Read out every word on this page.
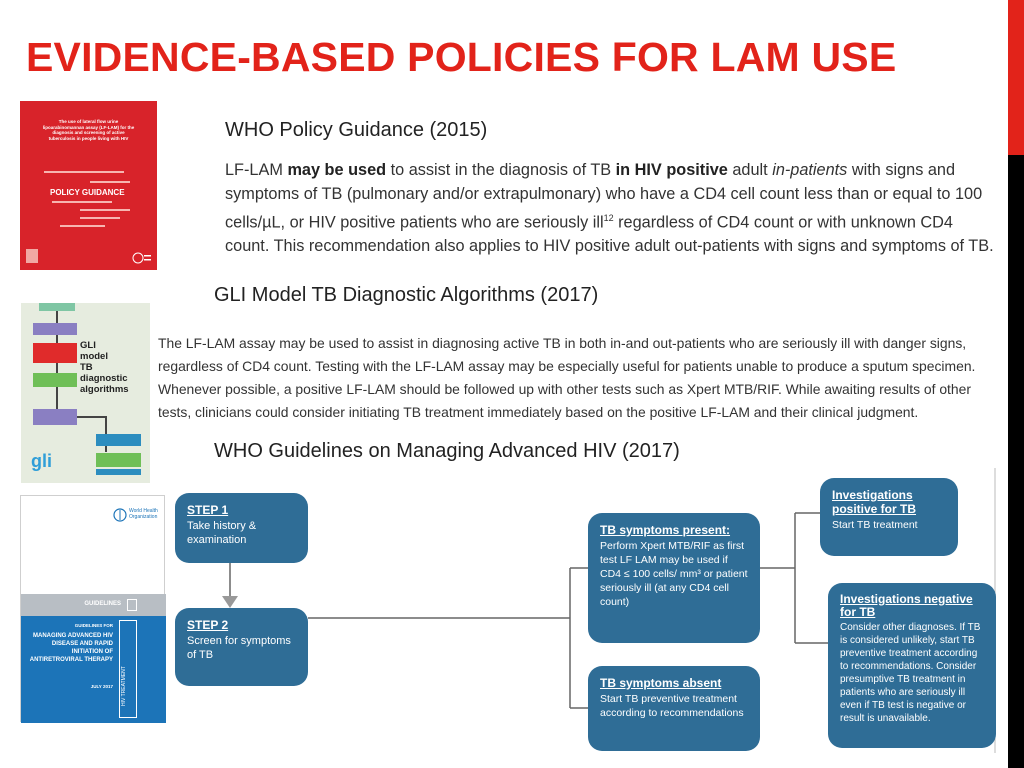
EVIDENCE-BASED POLICIES FOR LAM USE
The use of lateral flow urine lipoarabinomannan assay (LF-LAM) for the diagnosis and screening of active tuberculosis in people living with HIV
POLICY GUIDANCE
WHO Policy Guidance (2015)
LF-LAM may be used to assist in the diagnosis of TB in HIV positive adult in-patients with signs and symptoms of TB (pulmonary and/or extrapulmonary) who have a CD4 cell count less than or equal to 100 cells/µL, or HIV positive patients who are seriously ill$^{12}$ regardless of CD4 count or with unknown CD4 count. This recommendation also applies to HIV positive adult out-patients with signs and symptoms of TB.
GLI
model
TB
diagnostic
algorithms
gli
GLI Model TB Diagnostic Algorithms (2017)
The LF-LAM assay may be used to assist in diagnosing active TB in both in-and out-patients who are seriously ill with danger signs, regardless of CD4 count. Testing with the LF-LAM assay may be especially useful for patients unable to produce a sputum specimen. Whenever possible, a positive LF-LAM should be followed up with other tests such as Xpert MTB/RIF. While awaiting results of other tests, clinicians could consider initiating TB treatment immediately based on the positive LF-LAM and their clinical judgment.
WHO Guidelines on Managing Advanced HIV (2017)
World Health Organization
GUIDELINES
GUIDELINES FOR
MANAGING ADVANCED HIV DISEASE AND RAPID INITIATION OF ANTIRETROVIRAL THERAPY
JULY 2017
STEP 1
Take history & examination
STEP 2
Screen for symptoms of TB
TB symptoms present:
Perform Xpert MTB/RIF as first test LF LAM may be used if CD4 ≤ 100 cells/ mm³ or patient seriously ill (at any CD4 cell count)
TB symptoms absent
Start TB preventive treatment according to recommendations
Investigations positive for TB
Start TB treatment
Investigations negative for TB
Consider other diagnoses. If TB is considered unlikely, start TB preventive treatment according to recommendations. Consider presumptive TB treatment in patients who are seriously ill even if TB test is negative or result is unavailable.
